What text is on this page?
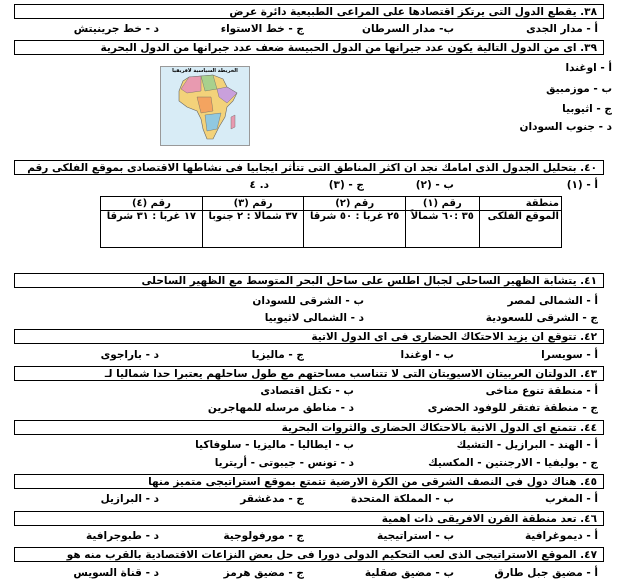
٣٨. يقطع الدول التى يرتكز اقتصادها على المراعى الطبيعية دائرة عرض
أ - مدار الجدى
ب- مدار السرطان
ج - خط الاستواء
د - خط جرينيتش
٣٩. اى من الدول التالية يكون عدد جيرانها من الدول الحبيسة ضعف عدد جيرانها من الدول البحرية
أ - اوغندا
ب - موزمبيق
ج - اثيوبيا
د - جنوب السودان
الخريطة السياسية لأفريقيا
٤٠. بتحليل الجدول الذى امامك نجد ان اكثر المناطق التى تتأثر ايجابيا فى نشاطها الاقتصادى بموقع الفلكى رقم
أ - (١)
ب - (٢)
ج - (٣)
د. ٤
منطقة	رقم (١)	رقم (٢)	رقم (٣)	رقم (٤)
الموقع الفلكى	٣٥ :٦٠ شمالاً	٢٥ غربا : ٥٠ شرقا	٣٧ شمالا : ٢ جنوبا	١٧ غربا : ٣١ شرقا
٤١. يتشابة الظهير الساحلى لجبال اطلس على ساحل البحر المتوسط مع الظهير الساحلى
أ - الشمالى لمصر
ب - الشرقى للسودان
ج - الشرقى للسعودية
د - الشمالى لاثيوبيا
٤٢. تتوقع ان يزيد الاحتكاك الحضارى فى اى الدول الاتية
أ - سويسرا
ب - اوغندا
ج - ماليزيا
د - باراجوى
٤٣. الدولتان العربيتان الاسيويتان التى لا تتناسب مساحتهم مع طول ساحلهم يعتبرا حدا شماليا لـ
أ - منطقة تنوع مناخى
ب - تكتل اقتصادى
ج - منطقة تفتقر للوفود الحضرى
د - مناطق مرسله للمهاجرين
٤٤. تتمتع اى الدول الاتية بالاحتكاك الحضارى والثروات البحرية
أ - الهند - البرازيل - التشيك
ب - ايطاليا - ماليزيا - سلوفاكيا
ج - بوليفيا - الارجنتين - المكسيك
د - تونس - جيبوتى - أريتريا
٤٥. هناك دول فى النصف الشرقى من الكرة الارضية تتمتع بموقع استراتيجى متميز منها
أ - المغرب
ب - المملكة المتحدة
ج - مدغشقر
د - البرازيل
٤٦. تعد منطقة القرن الافريقى ذات اهمية
أ - ديموغرافية
ب - استراتيجية
ج - مورفولوجية
د - طبوجرافية
٤٧. الموقع الاستراتيجى الذى لعب التحكيم الدولى دورا فى حل بعض النزاعات الاقتصادية بالقرب منه هو
أ - مضيق جبل طارق
ب - مضيق صقلية
ج - مضيق هرمز
د - قناة السويس
